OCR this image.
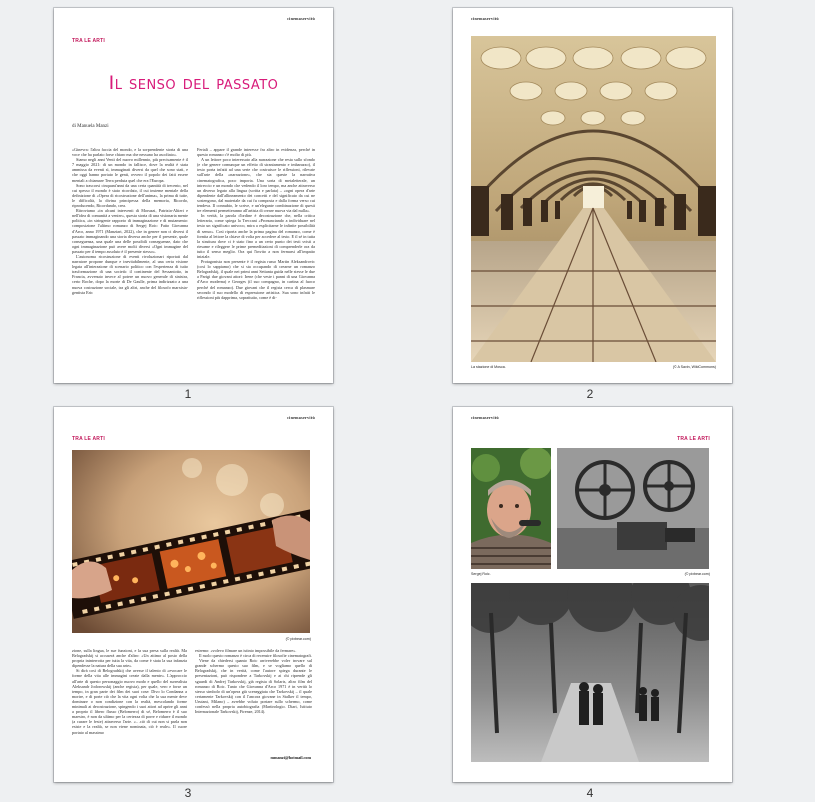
cinemaservitù
TRA LE ARTI
Il senso del passato
di Manuela Manzi

«Ginevra: l'altra faccia del mondo, e la sorprendente storia di una voce che ha parlato forse chiaro ma che nessuno ha ascoltato».

Siamo negli anni Venti del nuovo millennio, più precisamente è il 7 maggio 2021: di un mondo in fallisce, dove la realtà è stata ammissa da eventi sì, immaginati diversi da quel che sono stati, e che oggi hanno portato le genti, ovvero il popolo dei fatti essere mentali a chiamare Terra perduta quel che era l'Europa.

Sono trascorsi cinquant'anni da una certa quantità di trecento, nel cui spesso il mondo è stato ricordato, il cui insieme mentale della definizione di «Opera di ricostruzione dell'anima», la prima di tutte, le difficoltà, la divina principessa della memoria, Ricordo, riproducendo, Ricordando, crea.

Ritroviamo «in alcuni interventi di Moruzzi, Patrizia-Altieri e nell'idea di comunità a venire», questa storia di una visionaria mente politica, «in stringente rapporto di immaginazione e di mutamento: composizione l'ultimo romanzo di Sergej Roic: Fatto Giovanna d'Arco, anno 1971 (Manziari, 2022), che in genere non ci diversi il passato immaginando una storia diversa anche per il presente, quale conseguenza, una quale una delle possibili conseguenze, dato che ogni immaginazione può avere molti diversi «Ogni immagine del passato per il tempo assoluto è il presente stesso».

L'autonoma ricostruzione di eventi rivoluzionari riportati dal narratore propone dunque e inevitabilmente, al una certa visione legata all'interazione di scenario politico con l'esperienza di tutto trasformazione di una società: il continente del Sessantotto, in Francia, avvenuto invece al potere un nuovo generale di sinistra, certo Roche, dopo la morte di De Gaulle, prima indirizzato a una nuova costruzione sociale, tra gli altri, anche del filosofo marxista-gentista Eric

Fertali – appare il grande interesse fra altro in evidenza, perché in questo romanzo c'è molto di più.

A un lettore poco interessato alla narrazione che resta sullo sfondo (e che genere comunque un effetto di straniamento e imbarazzo), il testo porta infatti ad una serie che costruisce le riflessioni, rilevate sull'arte della «narrazione», che sia queste la narrativa cinematografica, poco importa. Una sorta di metaletterale, un intreccio e un mondo che vedendo il loro tempo, ma anche attraverso un diverso legato alla lingua (scritta e parlata) – «ogni opera d'arte dipendente dall'allineamento dei concetti e del significato da cui ne sostengono, dal materiale da cui fu composta e dalla forma verso cui tendeva. Il connubio, le scrive, e un'elegante combinazione di questi tre elementi permetteranno all'artista di creare nuova via dal nulla».

In verità, la parola d'ordine è decostruzione che, nella critica letteraria, come spiega la Treccani «Pronunciando a individuare nel testo un significato univoco, mira a esplicitarne le infinite possibilità di senso». Così riporta anche la prima pagina del romanzo, come è fornita al lettore la chiave di volta per accedere al testo. E il sé in tutta la struttura dove ci è stato fino a un certo punto dei testi svisti a riesame e rileggere le prime premeditazioni di comprenderle ora da tutto il senso meglio. Ora qui l'invito a non fermarsi all'impatto iniziale.

Protagonista non presente è il regista russo Martin Aleksandrovic (così lo sappiamo) che si sta occupando di crearne un romanzo Belogradskij, il quale nei primi anni Settanta guida nelle stesse le due a Parigi due giovani attori: Irene (che veste i panni di una Giovanna d'Arco moderna) e Georges (il suo compagno, in cartina al fuoco perché del romanzo). Due giovani che il regista cerca di plasmare secondo il suo modello di espressione artistica. Sua sono infatti le riflessioni più dapprima, soprattutto, come è di-

1
cinemaservitù
La stazione di Mosca.	(© A Savin, WikiCommons)
2
cinemaservitù
TRA LE ARTI
(© pixbear.com)

zione, sulla lingua, le sue funzioni, e la sua presa sulla realtà. Ma Belogradskij si accuserà anche d'altro: «Un attimo al posto della propria ininterrotta per tutta la vita, da come è stata la sua infanzia dipendesse la natura della sua arte».

Si dirà così di Belogradskij che avesse il talento di «evocare le forme della vita alle immagini create dalla mente». L'approccio all'arte di questo personaggio nuovo modo e quello del surrealista Aleksandr Jodorowskij (anche regista), per quale, vero e forse un tempo, in gran parte dei film dei suoi cose: Divo lo Condanna a morire, e di porte ciò che la vita ogni volta che la sua mente deve dominare o non condizione con la realtà, mescolando forme minimali ai decostruzione, spingendo i suoi attori ad aprire gli anni a proprio il libero flusso (Belomerro) di sé, Belomerro è il suo maestro, è non da ultimo per la certezza di porre e ridurre il mondo (a curare le feste) attraverso l'arte. «…ciò di cui non si parla non esiste e la realtà, se non viene nominata, ciò è reale». Il cuore portato al massimo

estremo: «volevo filmare un istinto impossibile da fermare».

Il ruolo questo romanzo è circa di recensire filosofie cinematografi.

Viene da chiedersi quanto Roic arriverebbe voler trovare sul grande schermo questo suo film, e se vogliamo quello di Belogradskij, che in verità, come l'autore spiega durante le presentazioni, può rispondere a Tarkovskij e ai chi riprende gli sguardi di Andrej Tarkovskij, già regista di Solaris, altro film del romanzo di Roic. Tanto che Giovanna d'Arco 1971 è in verità lo stesso simbolo di un'opera già sceneggiata che Tarkovskij – il quale certamente Tarkovskij con il l'ancora giovane in Stalker il tempo, Urutani, Milano) – avrebbe voluto portare sullo schermo, come confessò nella propria autobiografia (Martirologio. Diari, Istituto Internazionale Tarkovskij, Firenze, 2014).

mmanzi@hotmail.com
3
cinemaservitù
TRA LE ARTI
Sergej Roic.	(© pixbear.com)
4
